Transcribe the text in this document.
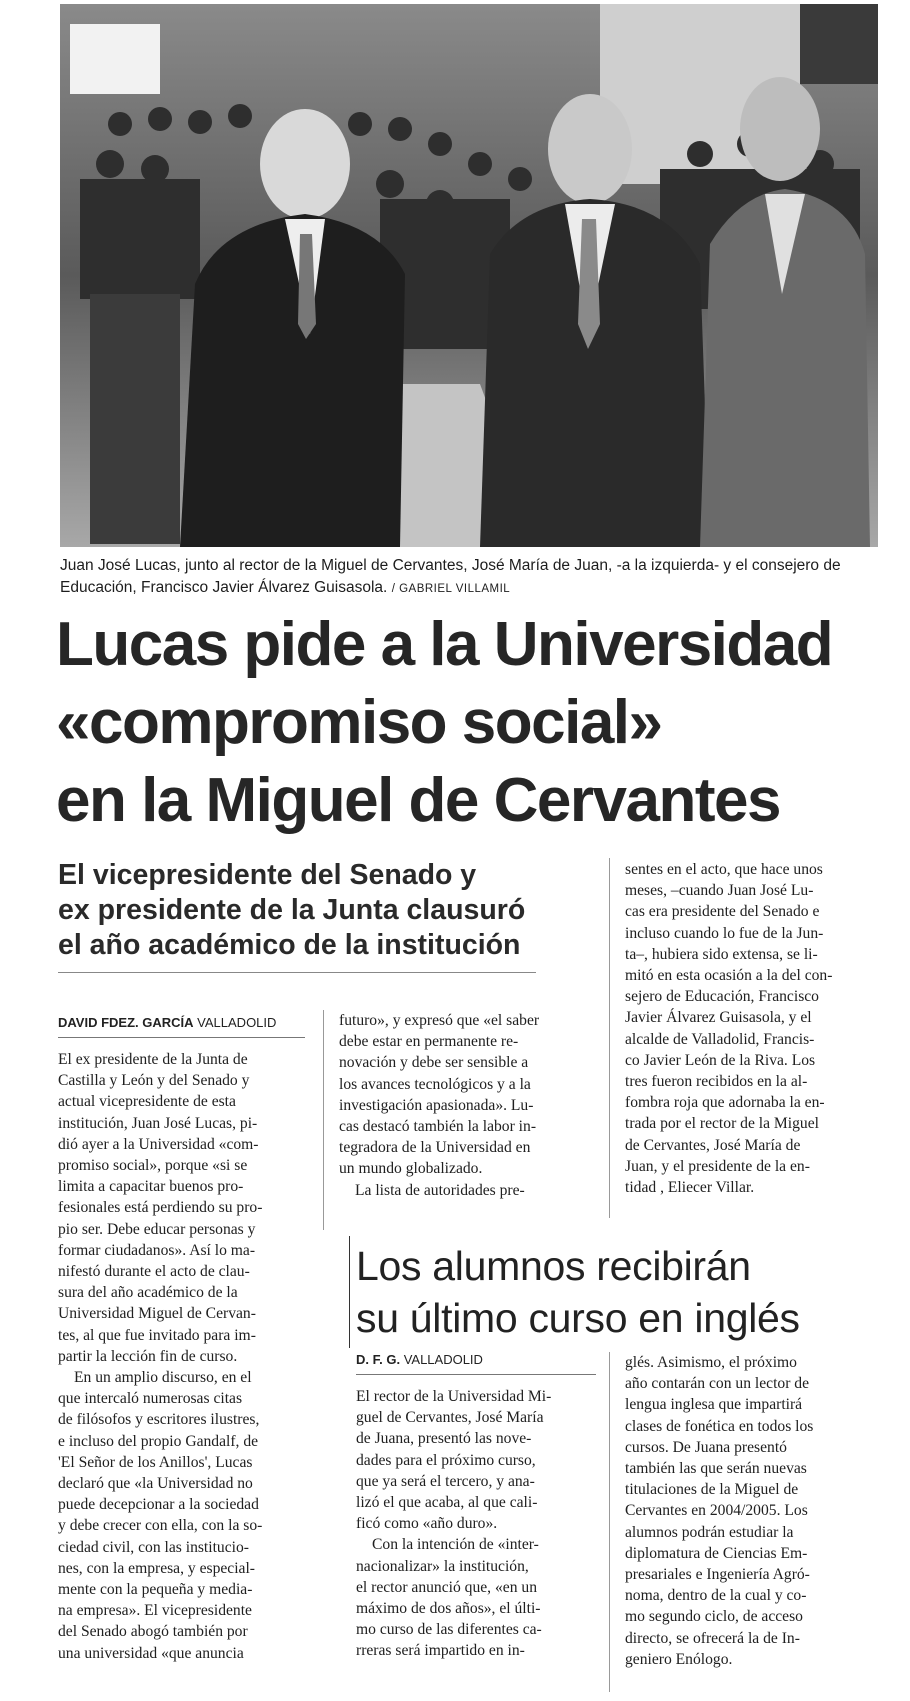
Juan José Lucas, junto al rector de la Miguel de Cervantes, José María de Juan, -a la izquierda- y el consejero de Educación, Francisco Javier Álvarez Guisasola. / GABRIEL VILLAMIL
Lucas pide a la Universidad
«compromiso social»
en la Miguel de Cervantes
El vicepresidente del Senado y
ex presidente de la Junta clausuró
el año académico de la institución
DAVID FDEZ. GARCÍA VALLADOLID
El ex presidente de la Junta de
Castilla y León y del Senado y
actual vicepresidente de esta
institución, Juan José Lucas, pi-
dió ayer a la Universidad «com-
promiso social», porque «si se
limita a capacitar buenos pro-
fesionales está perdiendo su pro-
pio ser. Debe educar personas y
formar ciudadanos». Así lo ma-
nifestó durante el acto de clau-
sura del año académico de la
Universidad Miguel de Cervan-
tes, al que fue invitado para im-
partir la lección fin de curso.
En un amplio discurso, en el
que intercaló numerosas citas
de filósofos y escritores ilustres,
e incluso del propio Gandalf, de
'El Señor de los Anillos', Lucas
declaró que «la Universidad no
puede decepcionar a la sociedad
y debe crecer con ella, con la so-
ciedad civil, con las institucio-
nes, con la empresa, y especial-
mente con la pequeña y media-
na empresa». El vicepresidente
del Senado abogó también por
una universidad «que anuncia
futuro», y expresó que «el saber
debe estar en permanente re-
novación y debe ser sensible a
los avances tecnológicos y a la
investigación apasionada». Lu-
cas destacó también la labor in-
tegradora de la Universidad en
un mundo globalizado.
La lista de autoridades pre-
sentes en el acto, que hace unos
meses, –cuando Juan José Lu-
cas era presidente del Senado e
incluso cuando lo fue de la Jun-
ta–, hubiera sido extensa, se li-
mitó en esta ocasión a la del con-
sejero de Educación, Francisco
Javier Álvarez Guisasola, y el
alcalde de Valladolid, Francis-
co Javier León de la Riva. Los
tres fueron recibidos en la al-
fombra roja que adornaba la en-
trada por el rector de la Miguel
de Cervantes, José María de
Juan, y el presidente de la en-
tidad , Eliecer Villar.
Los alumnos recibirán
su último curso en inglés
D. F. G. VALLADOLID
El rector de la Universidad Mi-
guel de Cervantes, José María
de Juana, presentó las nove-
dades para el próximo curso,
que ya será el tercero, y ana-
lizó el que acaba, al que cali-
ficó como «año duro».
Con la intención de «inter-
nacionalizar» la institución,
el rector anunció que, «en un
máximo de dos años», el últi-
mo curso de las diferentes ca-
rreras será impartido en in-
glés. Asimismo, el próximo
año contarán con un lector de
lengua inglesa que impartirá
clases de fonética en todos los
cursos. De Juana presentó
también las que serán nuevas
titulaciones de la Miguel de
Cervantes en 2004/2005. Los
alumnos podrán estudiar la
diplomatura de Ciencias Em-
presariales e Ingeniería Agró-
noma, dentro de la cual y co-
mo segundo ciclo, de acceso
directo, se ofrecerá la de In-
geniero Enólogo.
